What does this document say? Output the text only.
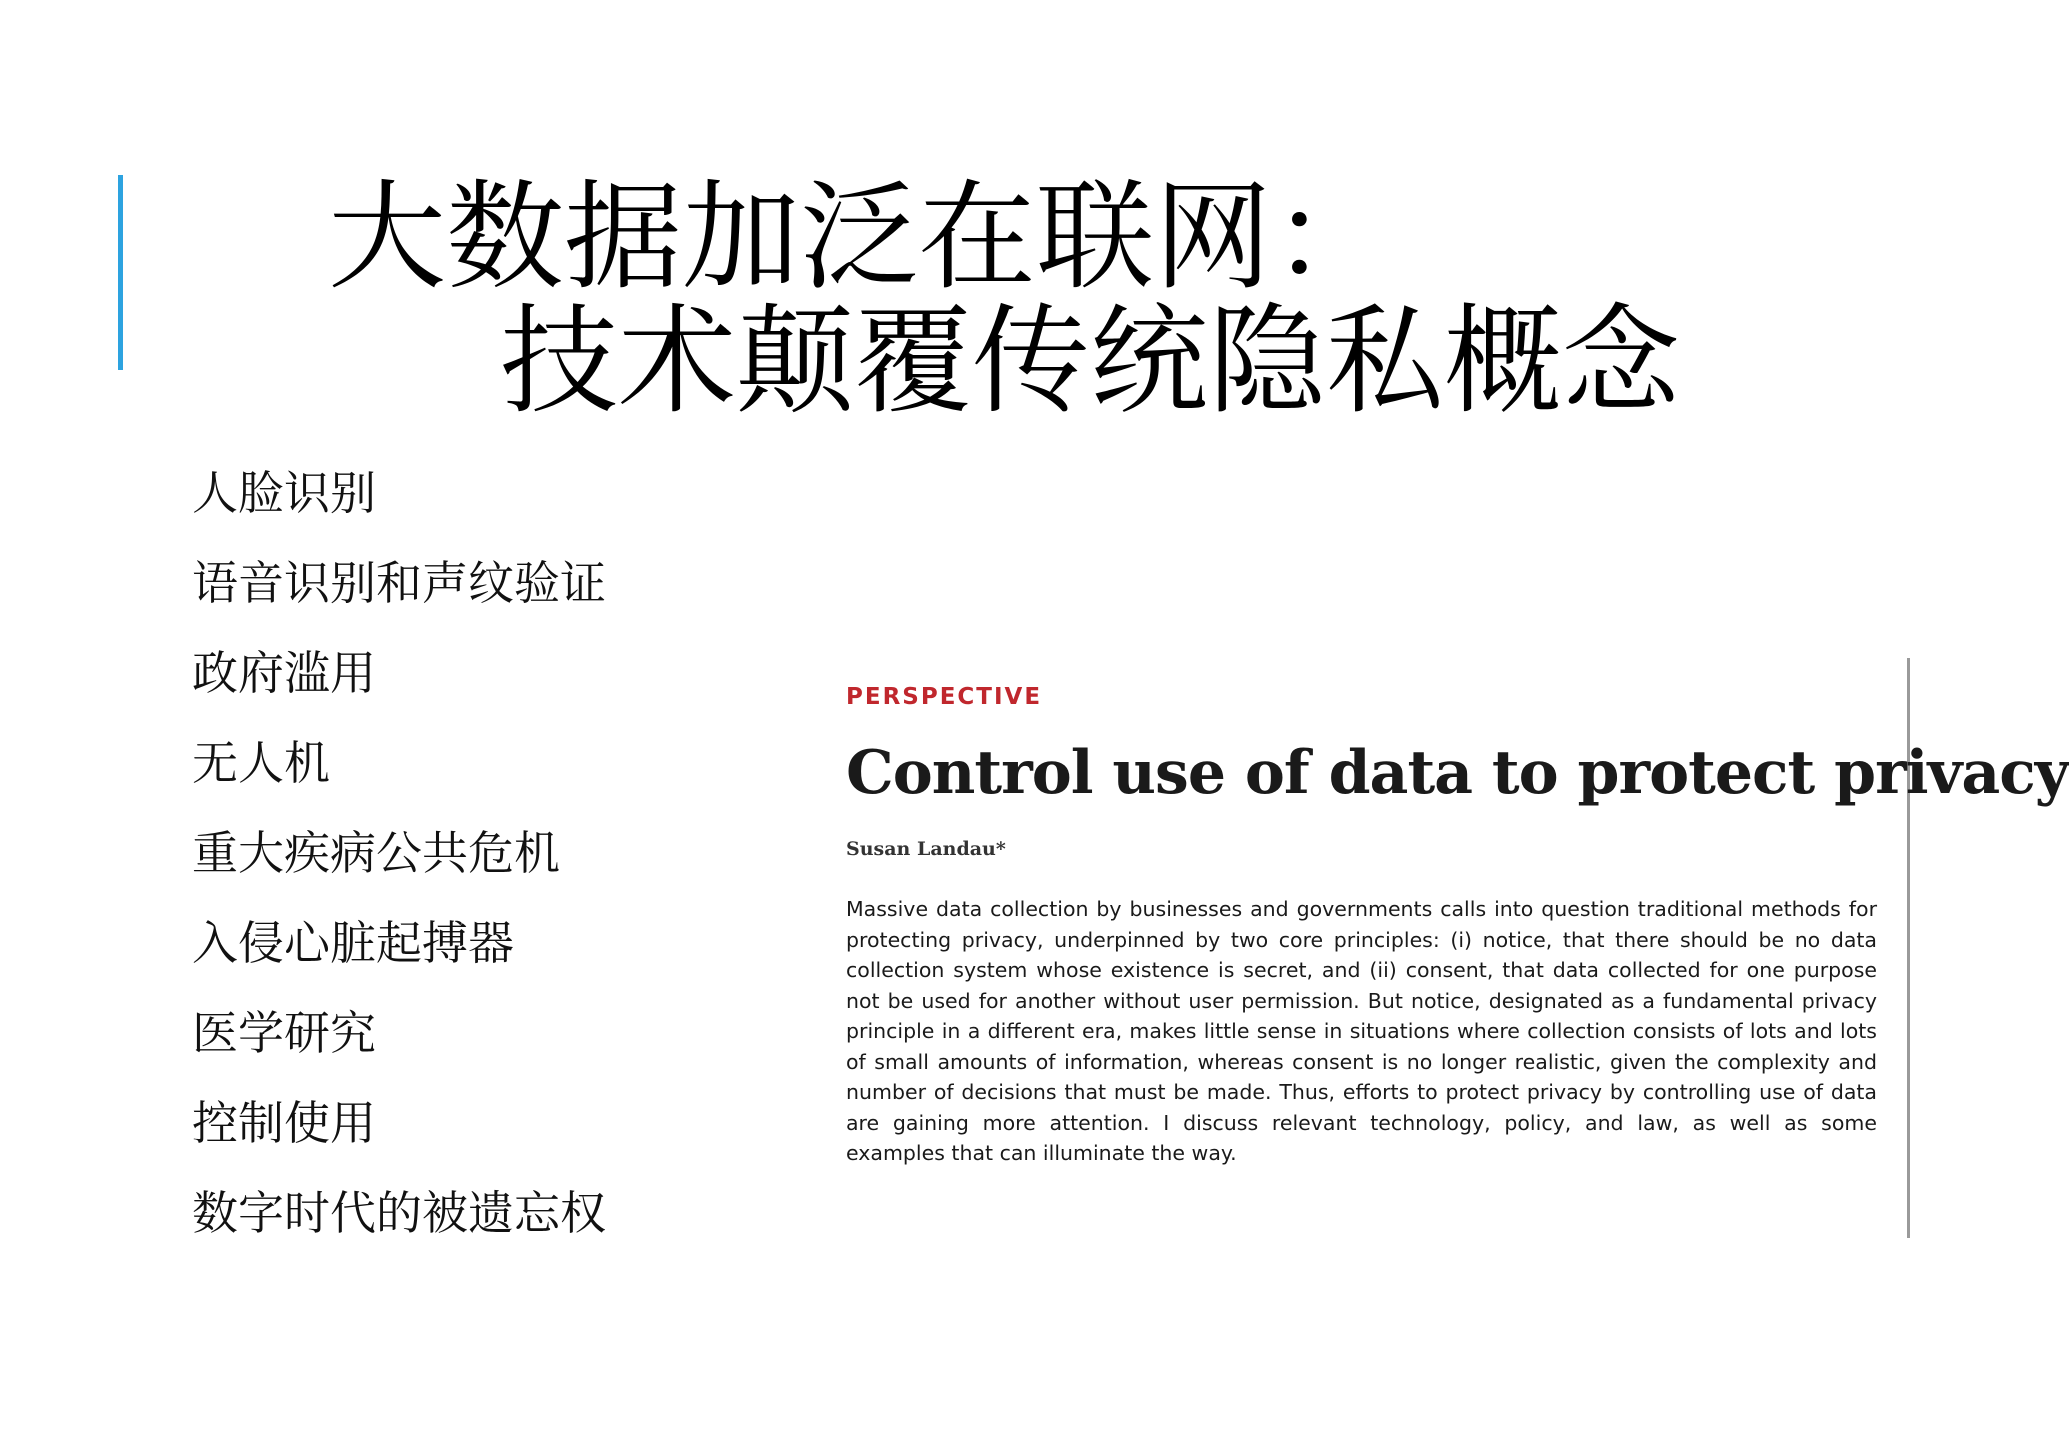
大数据加泛在联网：
技术颠覆传统隐私概念
人脸识别
语音识别和声纹验证
政府滥用
无人机
重大疾病公共危机
入侵心脏起搏器
医学研究
控制使用
数字时代的被遗忘权
PERSPECTIVE
Control use of data to protect privacy
Susan Landau*
Massive data collection by businesses and governments calls into question traditional methods for protecting privacy, underpinned by two core principles: (i) notice, that there should be no data collection system whose existence is secret, and (ii) consent, that data collected for one purpose not be used for another without user permission. But notice, designated as a fundamental privacy principle in a different era, makes little sense in situations where collection consists of lots and lots of small amounts of information, whereas consent is no longer realistic, given the complexity and number of decisions that must be made. Thus, efforts to protect privacy by controlling use of data are gaining more attention. I discuss relevant technology, policy, and law, as well as some examples that can illuminate the way.
